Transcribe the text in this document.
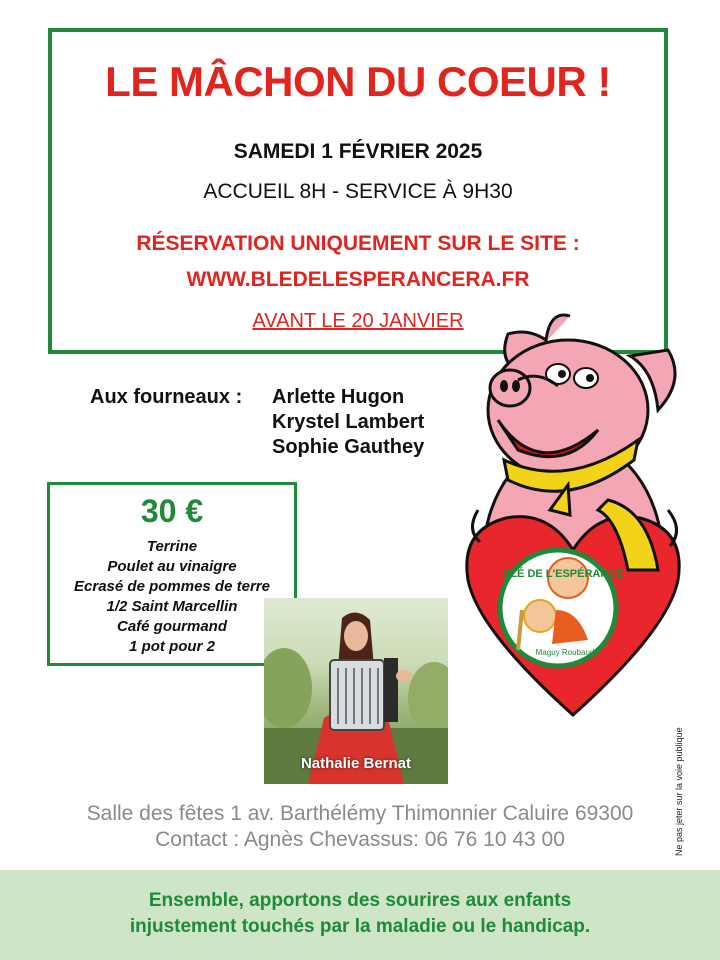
LE MÂCHON DU COEUR !
SAMEDI 1 FÉVRIER 2025
ACCUEIL 8H - SERVICE À 9H30
RÉSERVATION UNIQUEMENT SUR LE SITE :
WWW.BLEDELESPERANCERA.FR
AVANT LE 20 JANVIER
Aux fourneaux : Arlette Hugon
Krystel Lambert
Sophie Gauthey
30 €
Terrine
Poulet au vinaigre
Ecrasé de pommes de terre
1/2 Saint Marcellin
Café gourmand
1 pot pour 2
Nathalie Bernat
BLÉ DE L'ESPÉRANCE
Maguy Roubaud
Ne pas jeter sur la voie publique
Salle des fêtes 1 av. Barthélémy Thimonnier Caluire 69300
Contact : Agnès Chevassus: 06 76 10 43 00
Ensemble, apportons des sourires aux enfants
injustement touchés par la maladie ou le handicap.
